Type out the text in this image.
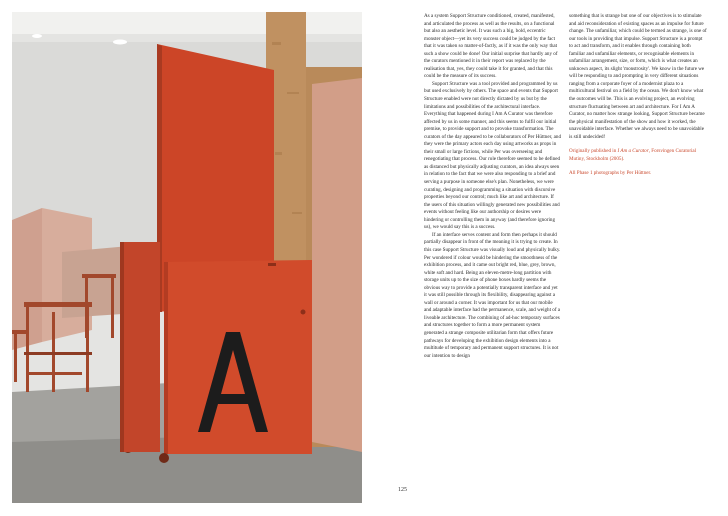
125

As a system Support Structure conditioned, created, manifested, and articulated the process as well as the results, on a functional but also an aesthetic level. It was such a big, bold, eccentric monster object—yet its very success could be judged by the fact that it was taken so matter-of-factly, as if it was the only way that such a show could be done! Our initial surprise that hardly any of the curators mentioned it in their report was replaced by the realisation that, yes, they could take it for granted, and that this could be the measure of its success.

Support Structure was a tool provided and programmed by us but used exclusively by others. The space and events that Support Structure enabled were not directly dictated by us but by the limitations and possibilities of the architectural interface. Everything that happened during I Am A Curator was therefore affected by us in some manner, and this seems to fulfil our initial premise, to provide support and to provoke transformation. The curators of the day appeared to be collaborators of Per Hüttner, and they were the primary actors each day using artworks as props in their small or large fictions, while Per was overseeing and renegotiating that process. Our role therefore seemed to be defined as distanced but physically adjusting curators, an idea always seen in relation to the fact that we were also responding to a brief and serving a purpose in someone else's plan. Nonetheless, we were curating, designing and programming a situation with discursive properties beyond our control; much like art and architecture. If the users of this situation willingly generated new possibilities and events without feeling like our authorship or desires were hindering or controlling them in anyway (and therefore ignoring us), we would say this is a success.

If an interface serves content and form then perhaps it should partially disappear in front of the meaning it is trying to create. In this case Support Structure was visually loud and physically bulky. Per wondered if colour would be hindering the smoothness of the exhibition process, and it came out bright red, blue, grey, brown, white soft and hard. Being an eleven-metre-long partition with storage units up to the size of phone boxes hardly seems the obvious way to provide a potentially transparent interface and yet it was still possible through its flexibility, disappearing against a wall or around a corner. It was important for us that our mobile and adaptable interface had the permanence, scale, and weight of a liveable architecture. The combining of ad-hoc temporary surfaces and structures together to form a more permanent system generated a strange composite utilitarian form that offers future pathways for developing the exhibition design elements into a multitude of temporary and permanent support structures. It is not our intention to design

something that is strange but one of our objectives is to stimulate and aid reconsideration of existing spaces as an impulse for future change. The unfamiliar, which could be termed as strange, is one of our tools in providing that impulse. Support Structure is a prompt to act and transform, and it enables through containing both familiar and unfamiliar elements, or recognisable elements in unfamiliar arrangement, size, or form, which is what creates an unknown aspect, its slight 'monstrosity'. We know in the future we will be responding to and prompting in very different situations ranging from a corporate foyer of a modernist plaza to a multicultural festival on a field by the ocean. We don't know what the outcomes will be. This is an evolving project, an evolving structure fluctuating between art and architecture. For I Am A Curator, no matter how strange looking, Support Structure became the physical manifestation of the show and how it worked, the unavoidable interface. Whether we always need to be unavoidable is still undecided!

Originally published in I Am a Curator, Forsvingen Curatorial Mutiny, Stockholm (2005).

All Phase 1 photographs by Per Hüttner.
